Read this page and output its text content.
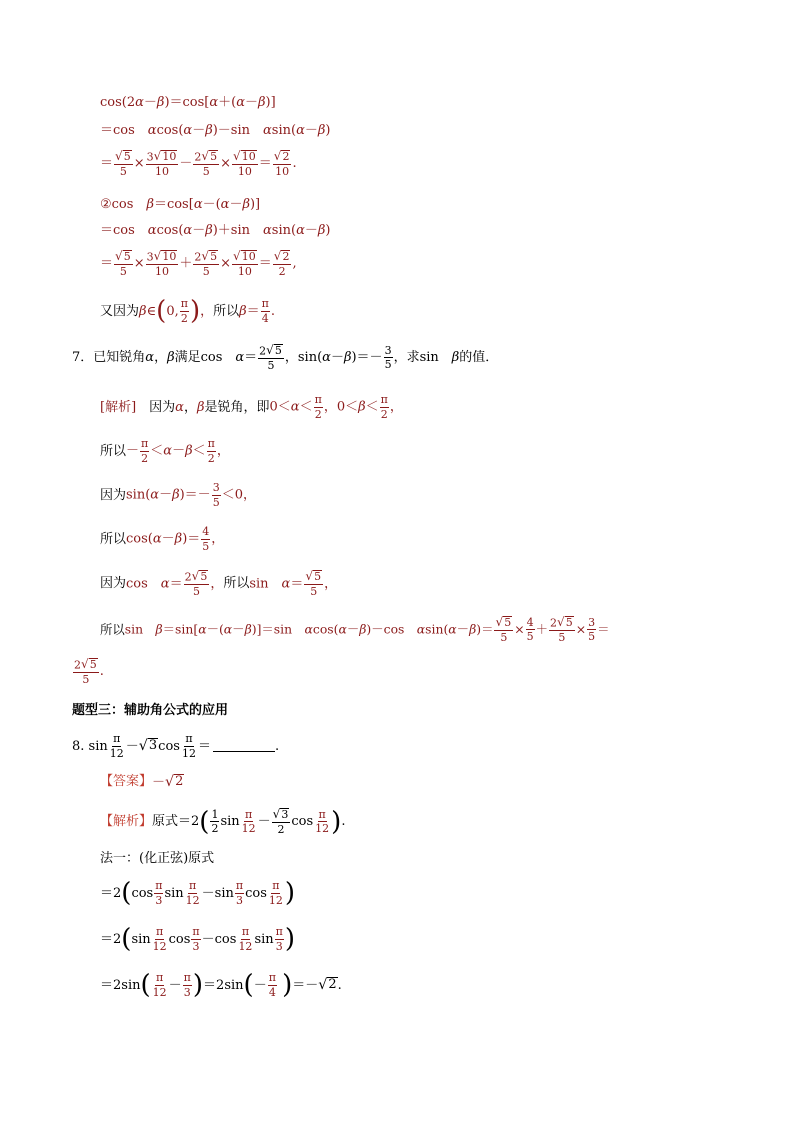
cos(2 α － β )＝cos[ α ＋( α － β )]
＝cos　 α cos( α － β )－sin　 α sin( α － β )
＝ $\frac{√ 5}{5} \times \frac{3 √ 10}{10} - \frac{2 √ 5}{5} \times \frac{√ 10}{10} = \frac{√ 2}{10}$ .
②cos　 β ＝cos[ α －( α － β )]
＝cos　 α cos( α － β )＋sin　 α sin( α － β )
＝ $\frac{√ 5}{5} \times \frac{3 √ 10}{10} + \frac{2 √ 5}{5} \times \frac{√ 10}{10} = \frac{√ 2}{2}$ ,
又因为 β ∈ ( 0, $\frac{\pi}{2}$ ) ， 所以 $\beta = \frac{\pi}{4}$ .
7．已知锐角 α ， β 满足cos　 $\alpha = \frac{2 √ 5}{5}$ ，sin( α － β )＝－ $\frac{3}{5}$ ，求sin　 β 的值．
[解析] 　因为 α ， β 是锐角，即 $0<\alpha< \frac{\pi}{2}$ ，$0<\beta< \frac{\pi}{2}$ ，
所以 － $\frac{\pi}{2} <\alpha-\beta< \frac{\pi}{2}$ ，
因为 $\sin(\alpha-\beta)=- \frac{3}{5} <0$，
所以 $\cos(\alpha-\beta)= \frac{4}{5}$ ，
因为 cos　$\alpha= \frac{2 √ 5}{5}$ ， 所以 sin　$\alpha= \frac{√ 5}{5}$ ，
所以 sin　β＝sin[α－(α－β)]＝sin　αcos(α－β)－cos　$\alpha\sin(\alpha-\beta)= \frac{√ 5}{5} \times \frac{4}{5} + \frac{2 √ 5}{5} \times \frac{3}{5}$ ＝
$\frac{2 √ 5}{5}$ .
题型三：辅助角公式的应用
8. $\sin \frac{\pi}{12}$ － √ 3 $\cos \frac{\pi}{12}$ ＝	.
【答案】 － √ 2
【解析】 原式＝2 ( $\frac{1}{2}$ $\sin \frac{\pi}{12} - \frac{√ 3}{2}$ $\cos \frac{\pi}{12}$ ) .
法一：(化正弦)原式
＝2 ( $\cos \frac{\pi}{3}$ $\sin \frac{\pi}{12} -\sin \frac{\pi}{3}$ $\cos \frac{\pi}{12}$ )
＝2 ( $\sin \frac{\pi}{12}$ $\cos \frac{\pi}{3} -\cos \frac{\pi}{12}$ $\sin \frac{\pi}{3}$ )
＝2sin ( $\frac{\pi}{12} - \frac{\pi}{3}$ ) ＝2sin ( － $\frac{\pi}{4}$
) ＝－ √ 2 .
